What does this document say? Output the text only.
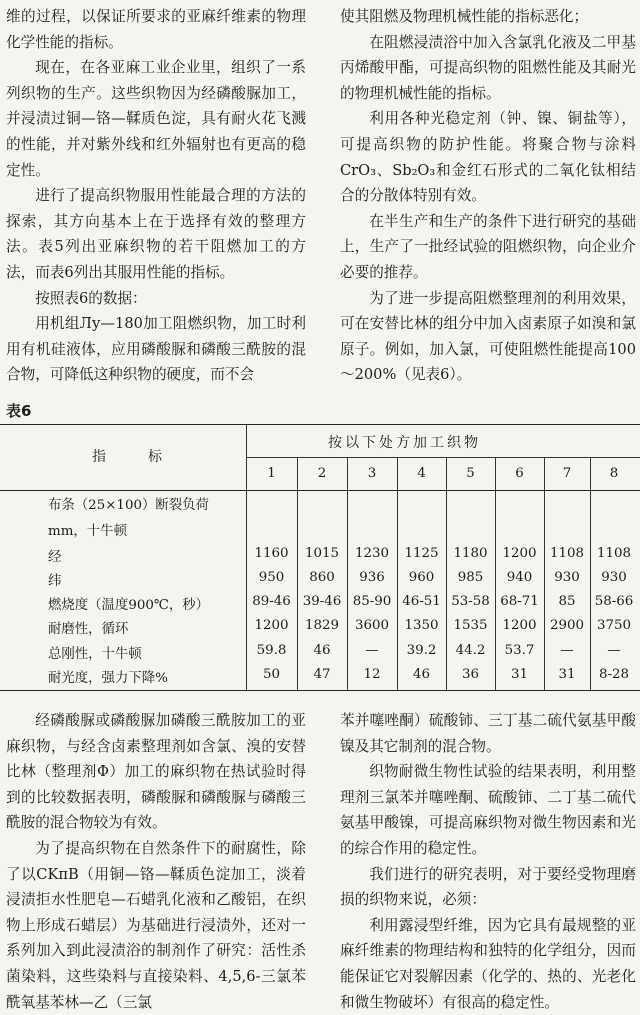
维的过程，以保证所要求的亚麻纤维素的物理化学性能的指标。

现在，在各亚麻工业企业里，组织了一系列织物的生产。这些织物因为经磷酸脲加工，并浸渍过铜—铬—鞣质色淀，具有耐火花飞溅的性能，并对紫外线和红外辐射也有更高的稳定性。

进行了提高织物服用性能最合理的方法的探索，其方向基本上在于选择有效的整理方法。表5列出亚麻织物的若干阻燃加工的方法，而表6列出其服用性能的指标。

按照表6的数据：

用机组Лу—180加工阻燃织物，加工时利用有机硅液体，应用磷酸脲和磷酸三酰胺的混合物，可降低这种织物的硬度，而不会

使其阻燃及物理机械性能的指标恶化；

在阻燃浸渍浴中加入含氯乳化液及二甲基丙烯酸甲酯，可提高织物的阻燃性能及其耐光的物理机械性能的指标。

利用各种光稳定剂（钟、镍、铜盐等），可提高织物的防护性能。将聚合物与涂料CrO₃、Sb₂O₃和金红石形式的二氧化钛相结合的分散体特别有效。

在半生产和生产的条件下进行研究的基础上，生产了一批经试验的阻燃织物，向企业介必要的推荐。

为了进一步提高阻燃整理剂的利用效果，可在安替比林的组分中加入卤素原子如溴和氯原子。例如，加入氯，可使阻燃性能提高100～200%（见表6）。

表6
指　　　标
按以下处方加工织物
1	2	3	4	5	6	7	8
布条（25×100）断裂负荷
mm，十牛顿
经	1160	1015	1230	1125	1180	1200	1108 1108
纬	950	860	936	960	985	940	930	930
燃烧度（温度900℃，秒）	89-46 39-46 85-90 46-51 53-58 68-71	85	58-66
耐磨性，循环	1200	1829	3600	1350	1535	1200	2900 3750
总刚性，十牛顿	59.8	46	—	39.2	44.2	53.7	—	—
耐光度，强力下降%	50	47	12	46	36	31	31	8-28

经磷酸脲或磷酸脲加磷酸三酰胺加工的亚麻织物，与经含卤素整理剂如含氯、溴的安替比林（整理剂Φ）加工的麻织物在热试验时得到的比较数据表明，磷酸脲和磷酸脲与磷酸三酰胺的混合物较为有效。

为了提高织物在自然条件下的耐腐性，除了以CKπB（用铜—铬—鞣质色淀加工，淡着浸渍拒水性肥皂—石蜡乳化液和乙酸铝，在织物上形成石蜡层）为基础进行浸渍外，还对一系列加入到此浸渍浴的制剂作了研究：活性杀菌染料，这些染料与直接染料、4,5,6-三氯苯酰氧基苯林—乙（三氯

苯并噻唑酮）硫酸铈、三丁基二硫代氨基甲酸镍及其它制剂的混合物。

织物耐微生物性试验的结果表明，利用整理剂三氯苯并噻唑酮、硫酸铈、二丁基二硫代氨基甲酸镍，可提高麻织物对微生物因素和光的综合作用的稳定性。

我们进行的研究表明，对于要经受物理磨损的织物来说，必须：

利用露浸型纤维，因为它具有最规整的亚麻纤维素的物理结构和独特的化学组分，因而能保证它对裂解因素（化学的、热的、光老化和微生物破坏）有很高的稳定性。
